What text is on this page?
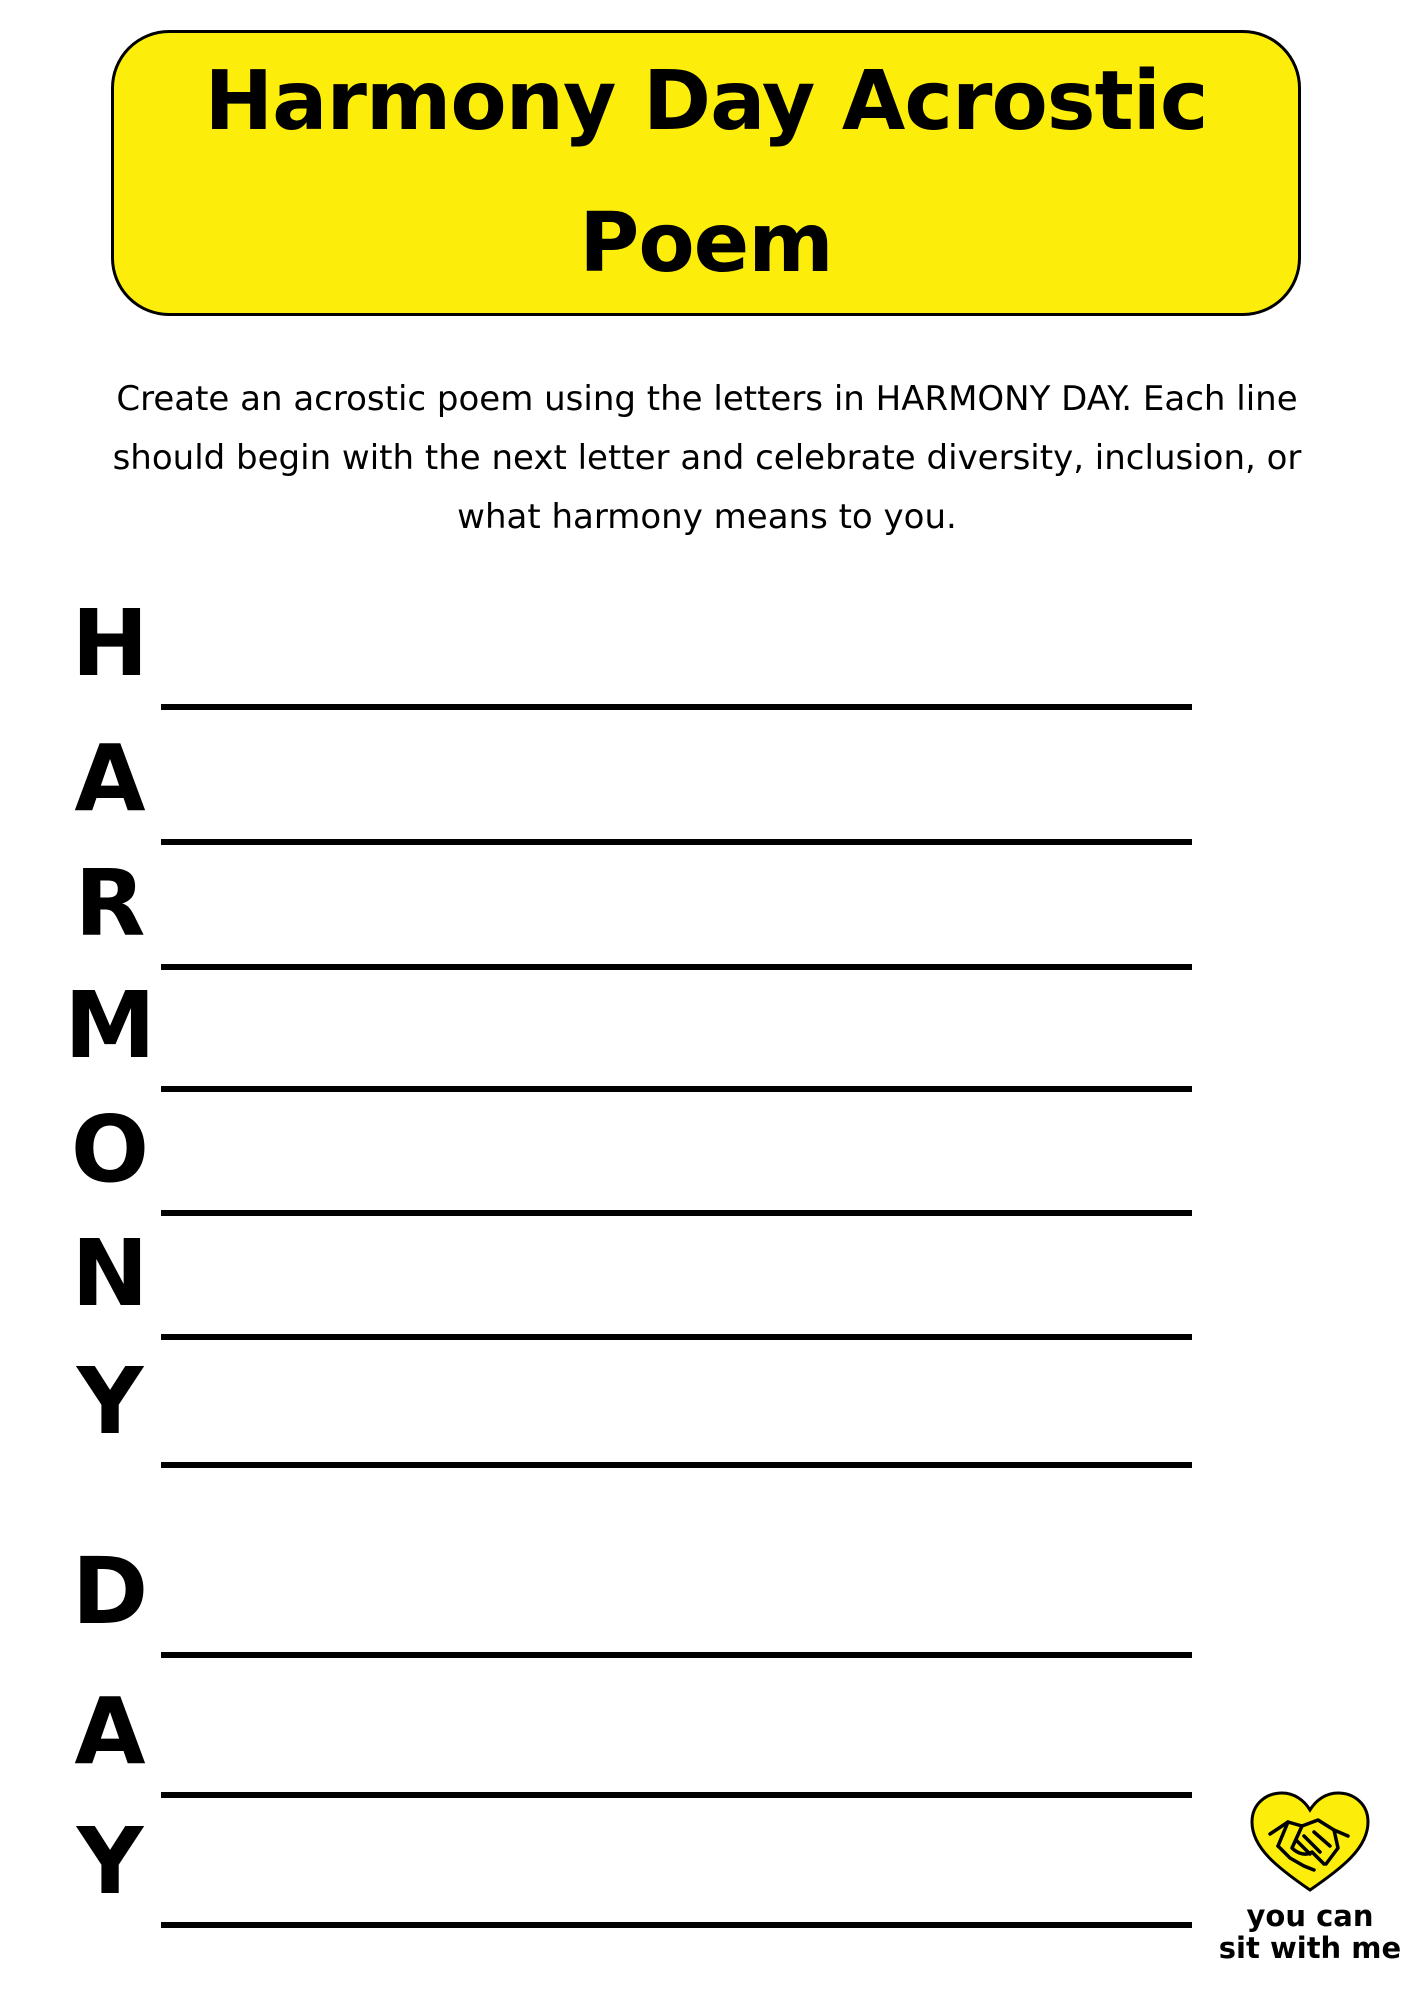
Harmony Day Acrostic Poem

Create an acrostic poem using the letters in HARMONY DAY. Each line should begin with the next letter and celebrate diversity, inclusion, or what harmony means to you.

H
A
R
M
O
N
Y
D
A
Y
you can
sit with me
